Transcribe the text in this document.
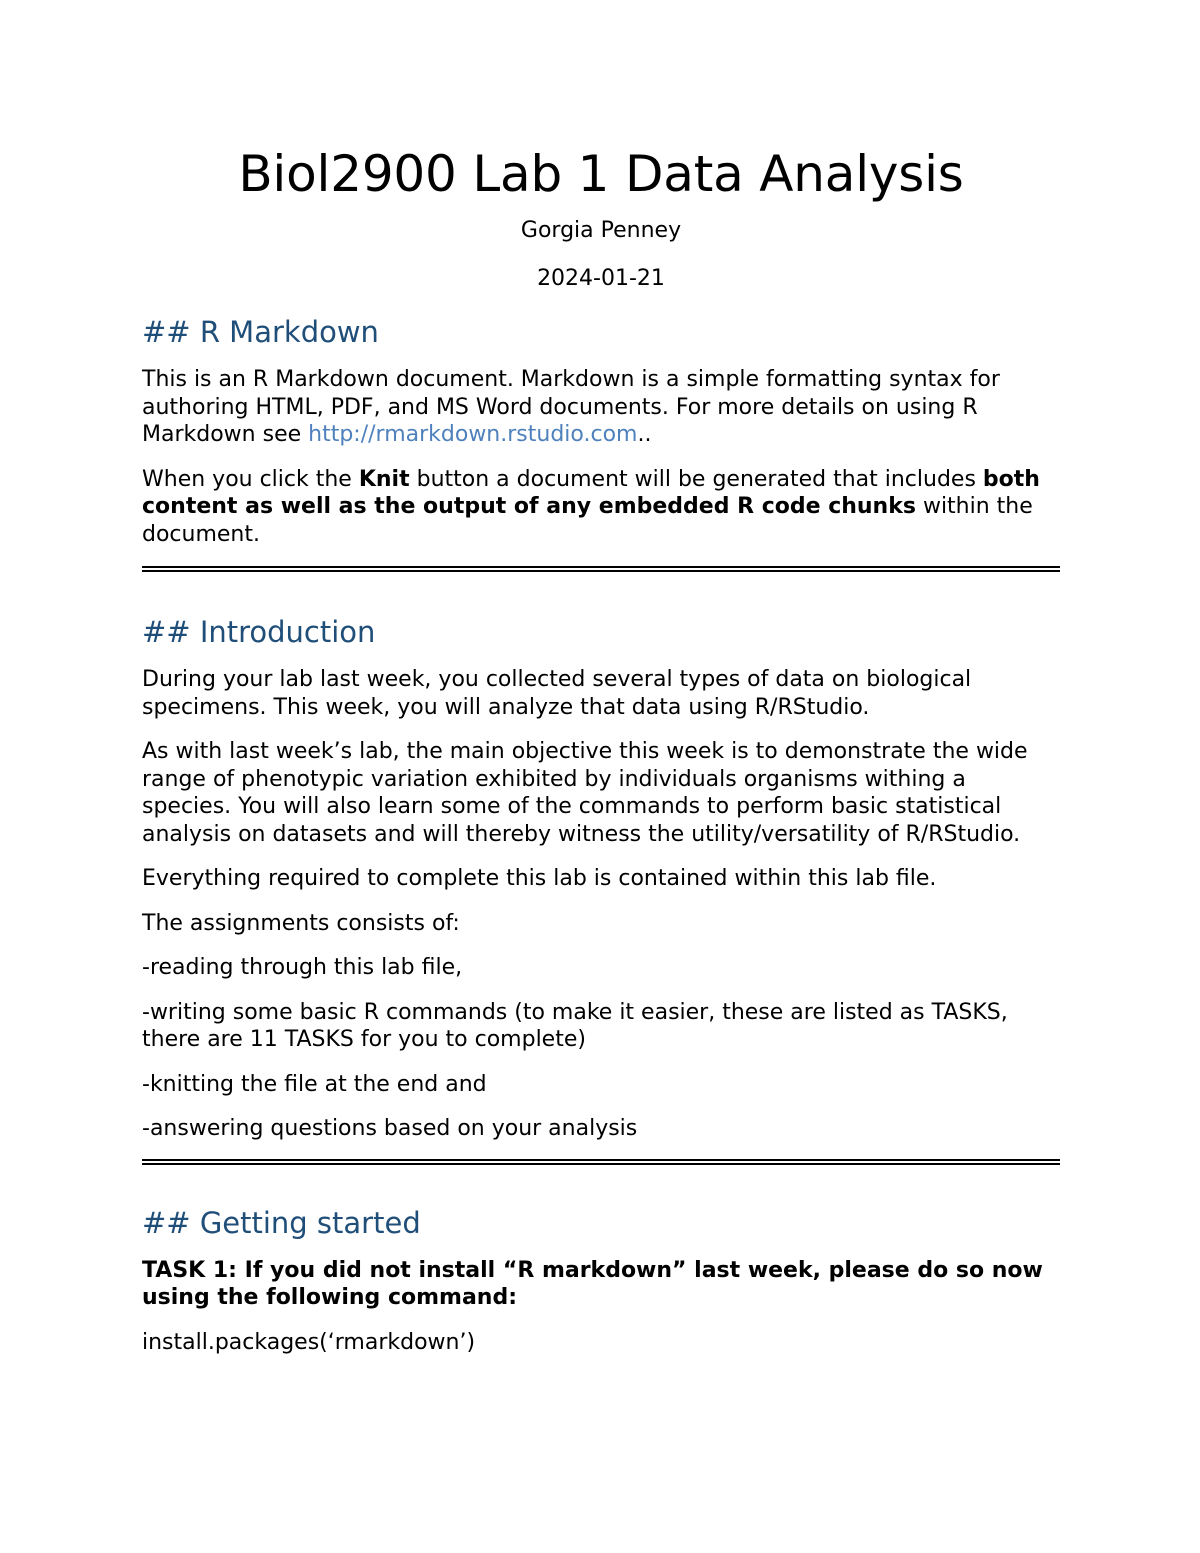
Biol2900 Lab 1 Data Analysis
Gorgia Penney
2024-01-21
## R Markdown

This is an R Markdown document. Markdown is a simple formatting syntax for authoring HTML, PDF, and MS Word documents. For more details on using R Markdown see http://rmarkdown.rstudio.com..

When you click the Knit button a document will be generated that includes both content as well as the output of any embedded R code chunks within the document.

## Introduction

During your lab last week, you collected several types of data on biological specimens. This week, you will analyze that data using R/RStudio.

As with last week’s lab, the main objective this week is to demonstrate the wide range of phenotypic variation exhibited by individuals organisms withing a species. You will also learn some of the commands to perform basic statistical analysis on datasets and will thereby witness the utility/versatility of R/RStudio.

Everything required to complete this lab is contained within this lab file.

The assignments consists of:

-reading through this lab file,

-writing some basic R commands (to make it easier, these are listed as TASKS, there are 11 TASKS for you to complete)

-knitting the file at the end and

-answering questions based on your analysis

## Getting started

TASK 1: If you did not install “R markdown” last week, please do so now using the following command:

install.packages(‘rmarkdown’)
